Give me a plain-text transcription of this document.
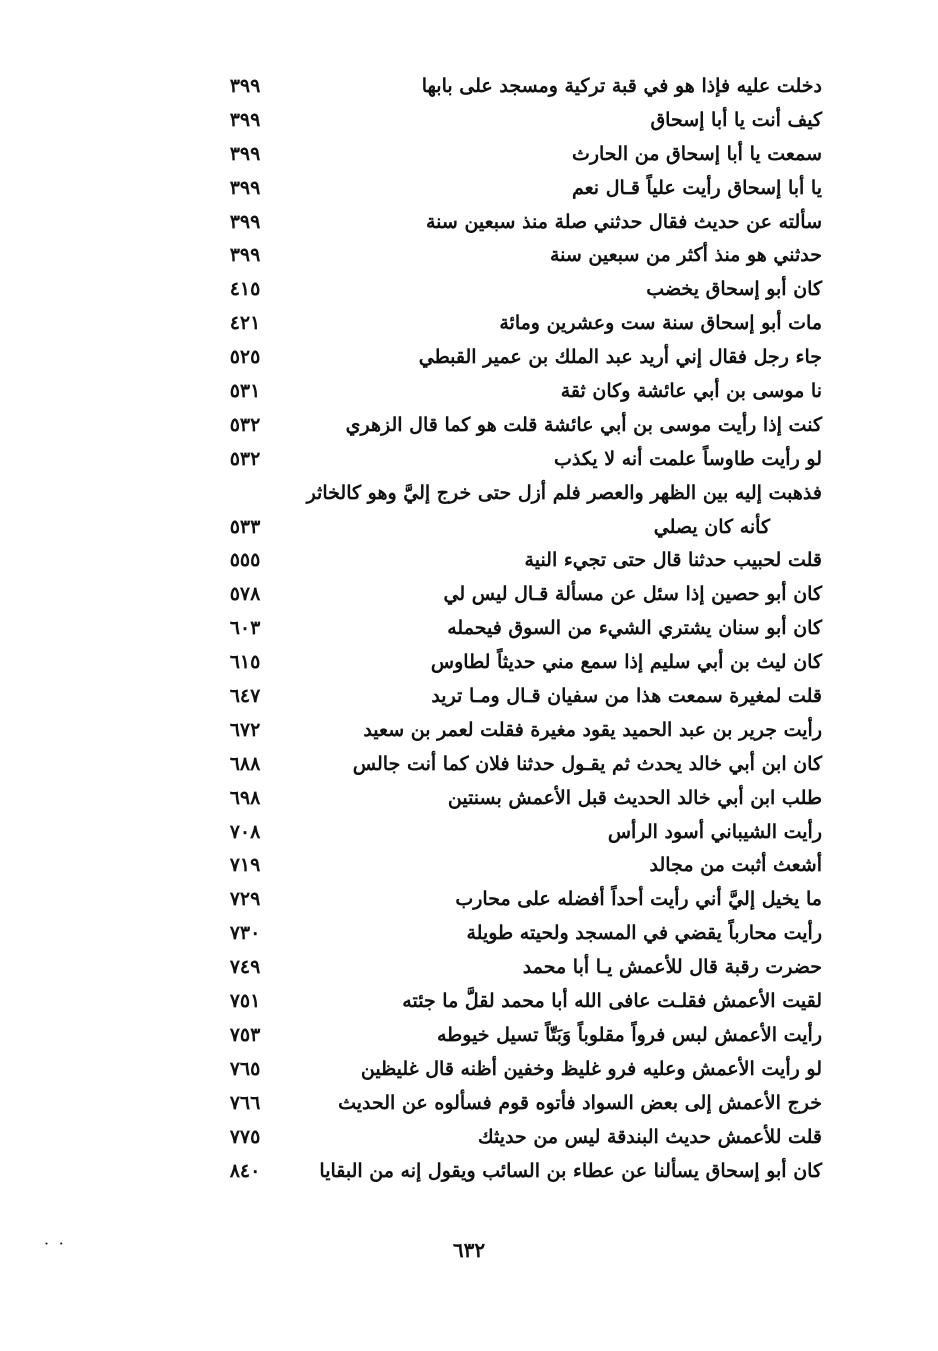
دخلت عليه فإذا هو في قبة تركية ومسجد على بابها
٣٩٩
كيف أنت يا أبا إسحاق
٣٩٩
سمعت يا أبا إسحاق من الحارث
٣٩٩
يا أبا إسحاق رأيت علياً قـال نعم
٣٩٩
سألته عن حديث فقال حدثني صلة منذ سبعين سنة
٣٩٩
حدثني هو منذ أكثر من سبعين سنة
٣٩٩
كان أبو إسحاق يخضب
٤١٥
مات أبو إسحاق سنة ست وعشرين ومائة
٤٢١
جاء رجل فقال إني أريد عبد الملك بن عمير القبطي
٥٢٥
نا موسى بن أبي عائشة وكان ثقة
٥٣١
كنت إذا رأيت موسى بن أبي عائشة قلت هو كما قال الزهري
٥٣٢
لو رأيت طاوساً علمت أنه لا يكذب
٥٣٢
فذهبت إليه بين الظهر والعصر فلم أزل حتى خرج إليَّ وهو كالخاثر
كأنه كان يصلي
٥٣٣
قلت لحبيب حدثنا قال حتى تجيء النية
٥٥٥
كان أبو حصين إذا سئل عن مسألة قـال ليس لي
٥٧٨
كان أبو سنان يشتري الشيء من السوق فيحمله
٦٠٣
كان ليث بن أبي سليم إذا سمع مني حديثاً لطاوس
٦١٥
قلت لمغيرة سمعت هذا من سفيان قـال ومـا تريد
٦٤٧
رأيت جرير بن عبد الحميد يقود مغيرة فقلت لعمر بن سعيد
٦٧٢
كان ابن أبي خالد يحدث ثم يقـول حدثنا فلان كما أنت جالس
٦٨٨
طلب ابن أبي خالد الحديث قبل الأعمش بسنتين
٦٩٨
رأيت الشيباني أسود الرأس
٧٠٨
أشعث أثبت من مجالد
٧١٩
ما يخيل إليَّ أني رأيت أحداً أفضله على محارب
٧٢٩
رأيت محارباً يقضي في المسجد ولحيته طويلة
٧٣٠
حضرت رقبة قال للأعمش يـا أبا محمد
٧٤٩
لقيت الأعمش فقلـت عافى الله أبا محمد لقلَّ ما جئته
٧٥١
رأيت الأعمش لبس فرواً مقلوباً وَبَتّاً تسيل خيوطه
٧٥٣
لو رأيت الأعمش وعليه فرو غليظ وخفين أظنه قال غليظين
٧٦٥
خرج الأعمش إلى بعض السواد فأتوه قوم فسألوه عن الحديث
٧٦٦
قلت للأعمش حديث البندقة ليس من حديثك
٧٧٥
كان أبو إسحاق يسألنا عن عطاء بن السائب ويقول إنه من البقايا
٨٤٠
٦٣٢
˙ ˙
